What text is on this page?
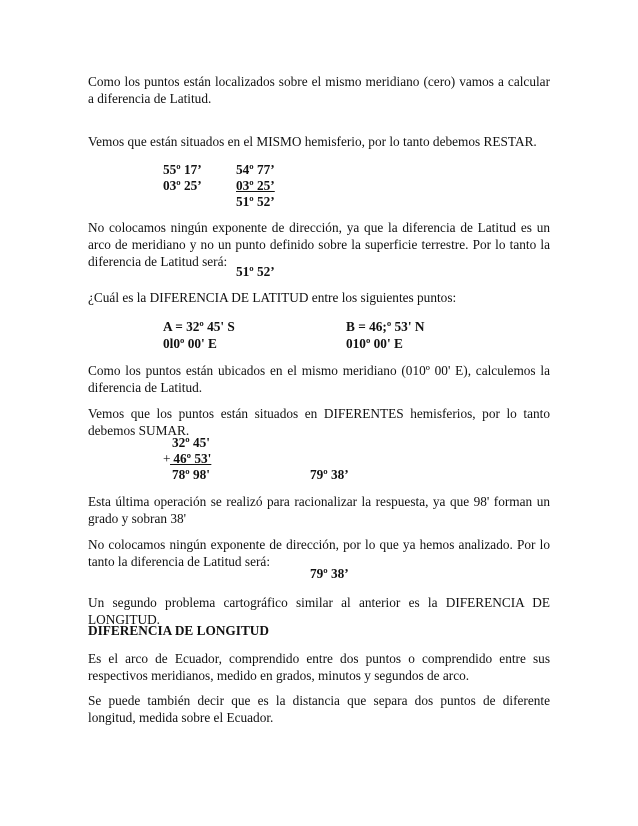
Como los puntos están localizados sobre el mismo meridiano (cero) vamos a calcular a diferencia de Latitud.
Vemos que están situados en el MISMO hemisferio, por lo tanto debemos RESTAR.
55º 17’
03º 25’
54º 77’
03º 25’
51º 52’
No colocamos ningún exponente de dirección, ya que la diferencia de Latitud es un arco de meridiano y no un punto definido sobre la superficie terrestre. Por lo tanto la diferencia de Latitud será:
51º 52’
¿Cuál es la DIFERENCIA DE LATITUD entre los siguientes puntos:
A = 32º 45' S
0l0º 00' E
B = 46;º 53' N
010º 00' E
Como los puntos están ubicados en el mismo meridiano (010º 00' E), calculemos la diferencia de Latitud.
Vemos que los puntos están situados en DIFERENTES hemisferios, por lo tanto debemos SUMAR.
32º 45'
+ 46º 53'
78º 98'	79º 38’
Esta última operación se realizó para racionalizar la respuesta, ya que 98' forman un grado y sobran 38'
No colocamos ningún exponente de dirección, por lo que ya hemos analizado. Por lo tanto la diferencia de Latitud será:
79º 38’
Un segundo problema cartográfico similar al anterior es la DIFERENCIA DE LONGITUD.
DIFERENCIA DE LONGITUD
Es el arco de Ecuador, comprendido entre dos puntos o comprendido entre sus respectivos meridianos, medido en grados, minutos y segundos de arco.
Se puede también decir que es la distancia que separa dos puntos de diferente longitud, medida sobre el Ecuador.
